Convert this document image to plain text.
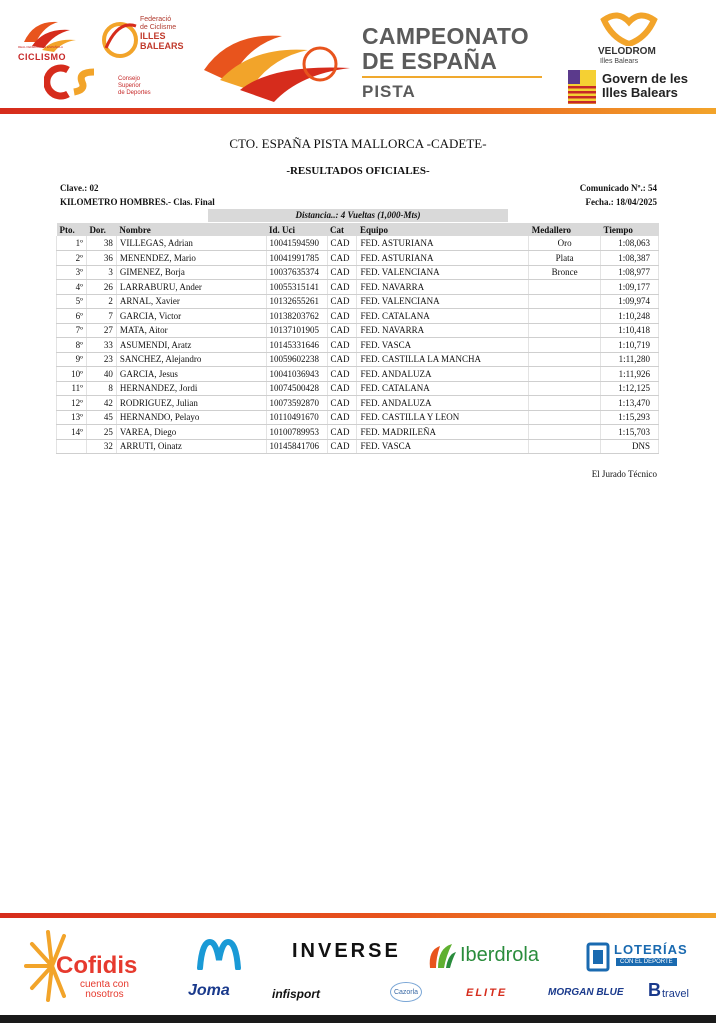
REAL FEDERACIÓN ESPAÑOLA
CICLISMO
Federació
de Ciclisme
ILLES
BALEARS
Consejo
Superior
de Deportes
CAMPEONATO
DE ESPAÑA
PISTA
VELODROM
Illes Balears
Govern de les
Illes Balears
CTO. ESPAÑA PISTA MALLORCA -CADETE-
-RESULTADOS OFICIALES-
Clave.: 02	Comunicado Nº.: 54
KILOMETRO HOMBRES.- Clas. Final	Fecha.: 18/04/2025
Distancia..: 4 Vueltas (1,000-Mts)
Pto.	Dor.	Nombre	Id. Uci	Cat	Equipo	Medallero	Tiempo
1º	38	VILLEGAS, Adrian	10041594590	CAD	FED. ASTURIANA	Oro	1:08,063
2º	36	MENENDEZ, Mario	10041991785	CAD	FED. ASTURIANA	Plata	1:08,387
3º	3	GIMENEZ, Borja	10037635374	CAD	FED. VALENCIANA	Bronce	1:08,977
4º	26	LARRABURU, Ander	10055315141	CAD	FED. NAVARRA		1:09,177
5º	2	ARNAL, Xavier	10132655261	CAD	FED. VALENCIANA		1:09,974
6º	7	GARCIA, Victor	10138203762	CAD	FED. CATALANA		1:10,248
7º	27	MATA, Aitor	10137101905	CAD	FED. NAVARRA		1:10,418
8º	33	ASUMENDI, Aratz	10145331646	CAD	FED. VASCA		1:10,719
9º	23	SANCHEZ, Alejandro	10059602238	CAD	FED. CASTILLA LA MANCHA		1:11,280
10º	40	GARCIA, Jesus	10041036943	CAD	FED. ANDALUZA		1:11,926
11º	8	HERNANDEZ, Jordi	10074500428	CAD	FED. CATALANA		1:12,125
12º	42	RODRIGUEZ, Julian	10073592870	CAD	FED. ANDALUZA		1:13,470
13º	45	HERNANDO, Pelayo	10110491670	CAD	FED. CASTILLA Y LEON		1:15,293
14º	25	VAREA, Diego	10100789953	CAD	FED. MADRILEÑA		1:15,703
	32	ARRUTI, Oinatz	10145841706	CAD	FED. VASCA		DNS
El Jurado Técnico
Cofidis
cuenta con
nosotros	Joma
INVERSE
infisport
Iberdrola
Cazorla	ELITE
LOTERÍAS
CON EL DEPORTE
MORGAN BLUE B travel
